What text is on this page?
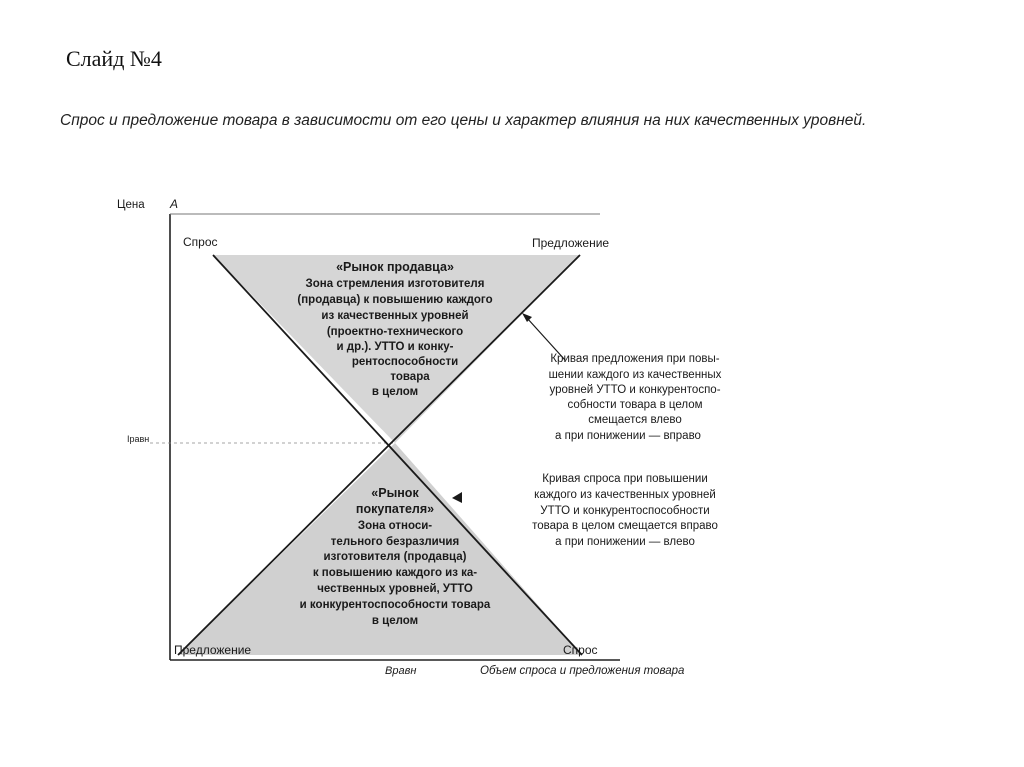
Слайд №4

Спрос и предложение товара в зависимости от его цены и характер влияния на них качественных уровней.

Цена А
Iравн
Вравн	Объем спроса и предложения товара
Спрос	Предложение
Предложение	Спрос
«Рынок продавца»
Зона стремления изготовителя
(продавца) к повышению каждого
из качественных уровней
(проектно-технического
и др.). УТТО и конку-
рентоспособности
товара
в целом
«Рынок
покупателя»
Зона относи-
тельного безразличия
изготовителя (продавца)
к повышению каждого из ка-
чественных уровней, УТТО
и конкурентоспособности товара
в целом
Кривая предложения при повы-
шении каждого из качественных
уровней УТТО и конкурентоспо-
собности товара в целом
смещается влево
а при понижении — вправо
Кривая спроса при повышении
каждого из качественных уровней
УТТО и конкурентоспособности
товара в целом смещается вправо
а при понижении — влево
